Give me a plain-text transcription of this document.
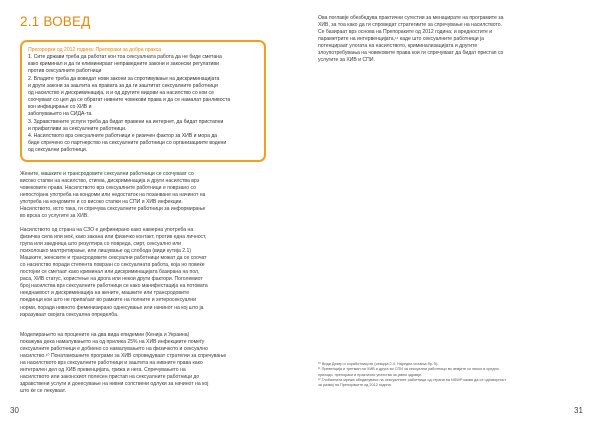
2.1 ВОВЕД
Прегорорки од 2012 година: Препораки за добра пракса
1. Сите држави треба да работат кон тоа сексуалната работа да не биде сметана
како криминал и да ги елиминираат неправедните закони и законски регулативи
против сексуалните работници
2. Владите треба да воведат нови закони за спротивување на дискриминацијата
и други закони за заштита на правата за да ги заштитат сексуалните работници
од насилство и дискриминација, и и од другите видови на насилство со кои се
соочуваат со цел да се обратат нивните човекови права и да се намалат ранливоста
кон инфицирање со ХИВ и
заболувањето на СИДА-та.
3. Здравствените услуги треба да бидат правени на интернет, да бидат пристапни
и прифатливи за сексуалните работници.
4. Насилството врз сексуалните работници е ризичен фактор за ХИВ и мора да
биде спречено со партнерство на сексуалните работници со организациите водени
од сексуални работници.
Жените, машките и трансродовите сексуални работници се соочуваат со
високо стапки на насилство, стигма, дискриминација и други насилства врз
човековите права. Насилството врз сексуалните работници е поврзано со
непостојана употреба на кондоми или недостаток на позанване на начинот на
употреба на кондомите и со високо стапки на СПИ и ХИВ инфекции.
Насилството, исто така, ги спречува сексуалните работници за информирање
во врска со услугите за ХИВ.
Насилството од страна на СЗО е дефинирано како намерна употреба на
физичка сила или моќ, како заканa или физичко контакт, против една личност,
група или заедница што резултира со повреда, смрт, сексуално или
психолошко малтретирање, или лишување од слобода (види кутија 2.1)
Машките, женските и трансродовите сексуални работници можат да се соочат
со насилство поради степента поврзан со сексуалната работа, која но повеќе
постојни се сметаат како криминал или дискриминацијата базирана на пол,
раса, ХИВ статус, користење на дрога или некои други фактори. Поголемиот
број насилства врз сексуалните работници се како манифестација на потовата
нееднаквост и дискриминација на жените, машките или трансродовите
поединци кои што не припаѓаат во рамките на полните и хетеросексуални
норми, поради нивното феминизирано однесување или начинот на кој што ја
изразуваат својата сексуална определба.
Моделирањето на процените на два вида епидемии (Кенија и Украина)
покажува дека намалувањето на од прилика 25% на ХИВ инфекциите помеѓу
сексуалните работници е добиено со намалувањето на физичкото и сексуално
насилство.¹⁰ Понатамошните програми за ХИВ спроведуваат стратегии за спречување
на насилството врз сексуалните работници и заштита на нивните правa како
интегрален дел од ХИВ превенцијата, грижа и нега. Спречувањето на
насилството или законскиот полесен пристап на сексуалните работници до
здравствени услуги и донесување на нивни сопствени одлуки за начинот на кој
што ќе се лекуваат.
30
Ова поглавје обезбедува практични сугестии за менаџирате на програмите за
ХИВ, за тоа како да ги спроведат стратегиите за спречување на насилството.
Се базираат врз основа на Препораките од 2012 година; и вредностите и
параметрите на интервенцијата,¹¹ каде што сексуалните работници ја
потенцираат улогата на насилството, криминализацијата и другите
злоупотребувања на човековите права кои ги спречуваат да бидат пристап со
услугите за ХИВ и СПИ.
¹⁰ Види Декер и соработниците (секција 2.4, Наредни читања бр. 5).
¹¹ Превенција и третман на ХИВ и друга во СПИ за сексуални работници во земјите со ниско и средно
приходи, препораки и практични упатства за јавно здравје.
¹² Глобалната мрежа обединувачи на сексуалните работници од страна на NSWP каква да се одговорност
за развој на Препораките од 2012 година.
31
